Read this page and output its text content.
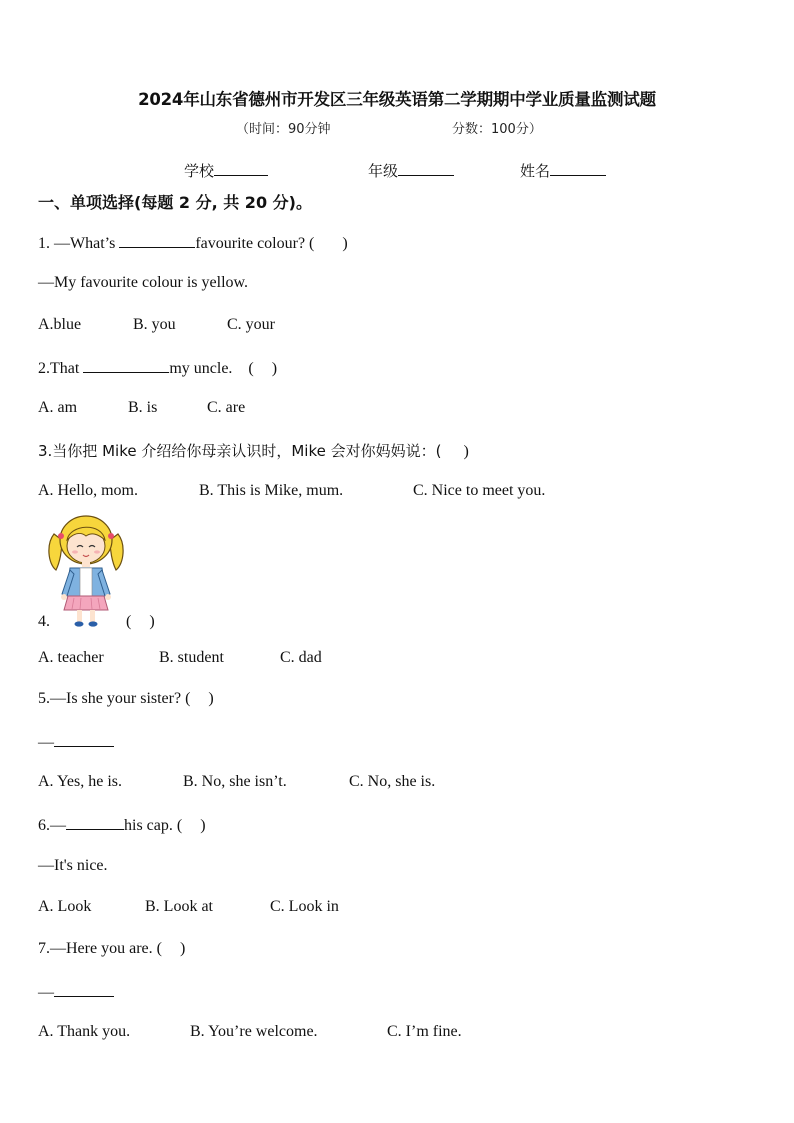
2024年山东省德州市开发区三年级英语第二学期期中学业质量监测试题
（时间：90分钟	分数：100分）
学校	年级	姓名
一、单项选择(每题 2 分, 共 20 分)。
1. —What’s	favourite colour? ( )
—My favourite colour is yellow.
A.blue	B. you	C. your
2.That	my uncle. ( )
A. am	B. is	C. are
3.当你把 Mike 介绍给你母亲认识时，Mike 会对你妈妈说：( )
A. Hello, mom.	B. This is Mike, mum.	C. Nice to meet you.
4.	( )
A. teacher	B. student	C. dad
5.—Is she your sister? ( )
—
A. Yes, he is.	B. No, she isn’t.	C. No, she is.
6.—	his cap. ( )
—It's nice.
A. Look	B. Look at	C. Look in
7.—Here you are. ( )
—
A. Thank you.	B. You’re welcome.	C. I’m fine.
